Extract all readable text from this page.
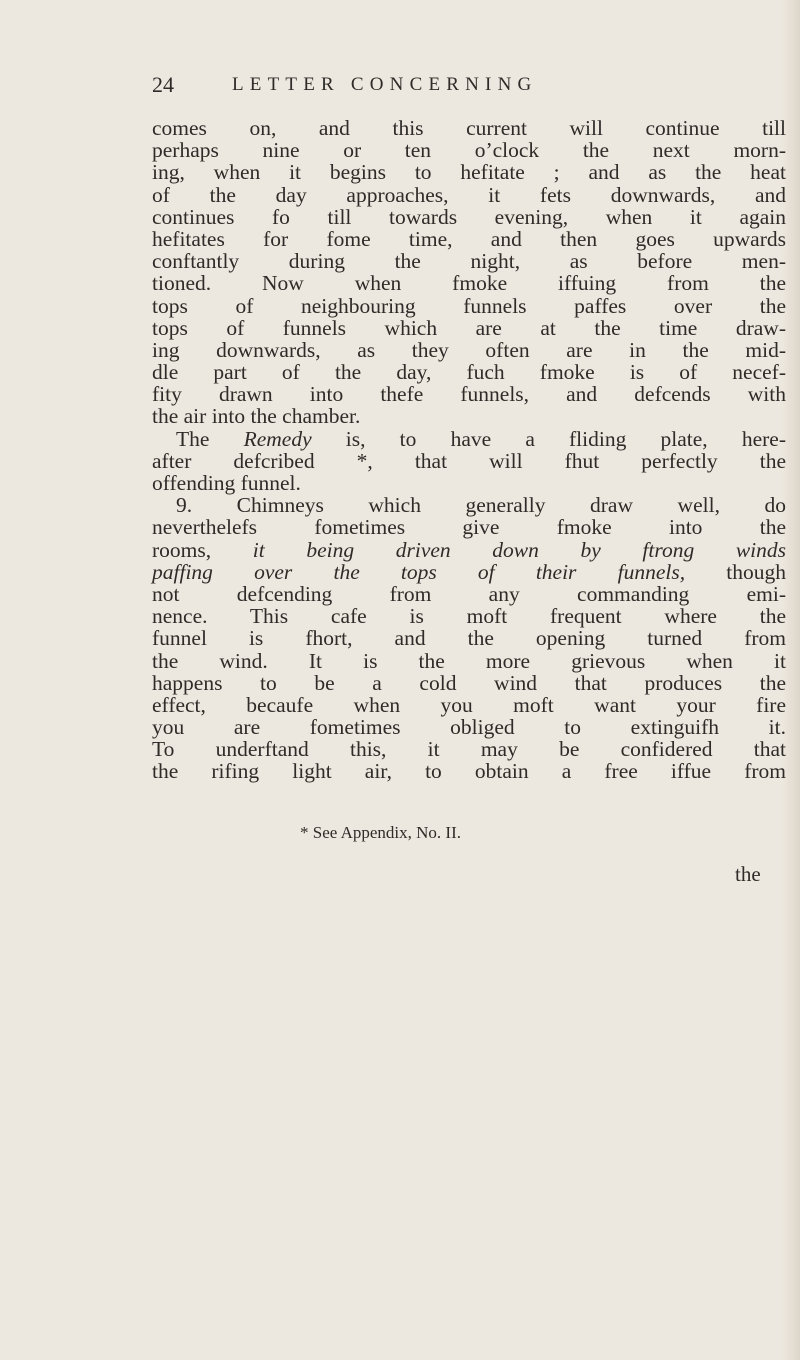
24	LETTER CONCERNING
comes on, and this current will continue till
perhaps nine or ten o’clock the next morn-
ing, when it begins to hefitate ; and as the heat
of the day approaches, it fets downwards, and
continues fo till towards evening, when it again
hefitates for fome time, and then goes upwards
conftantly during the night, as before men-
tioned. Now when fmoke iffuing from the
tops of neighbouring funnels paffes over the
tops of funnels which are at the time draw-
ing downwards, as they often are in the mid-
dle part of the day, fuch fmoke is of necef-
fity drawn into thefe funnels, and defcends with
the air into the chamber.
The Remedy is, to have a fliding plate, here-
after defcribed *, that will fhut perfectly the
offending funnel.
9. Chimneys which generally draw well, do
neverthelefs fometimes give fmoke into the
rooms, it being driven down by ftrong winds
paffing over the tops of their funnels, though
not defcending from any commanding emi-
nence. This cafe is moft frequent where the
funnel is fhort, and the opening turned from
the wind. It is the more grievous when it
happens to be a cold wind that produces the
effect, becaufe when you moft want your fire
you are fometimes obliged to extinguifh it.
To underftand this, it may be confidered that
the rifing light air, to obtain a free iffue from
* See Appendix, No. II.
the
